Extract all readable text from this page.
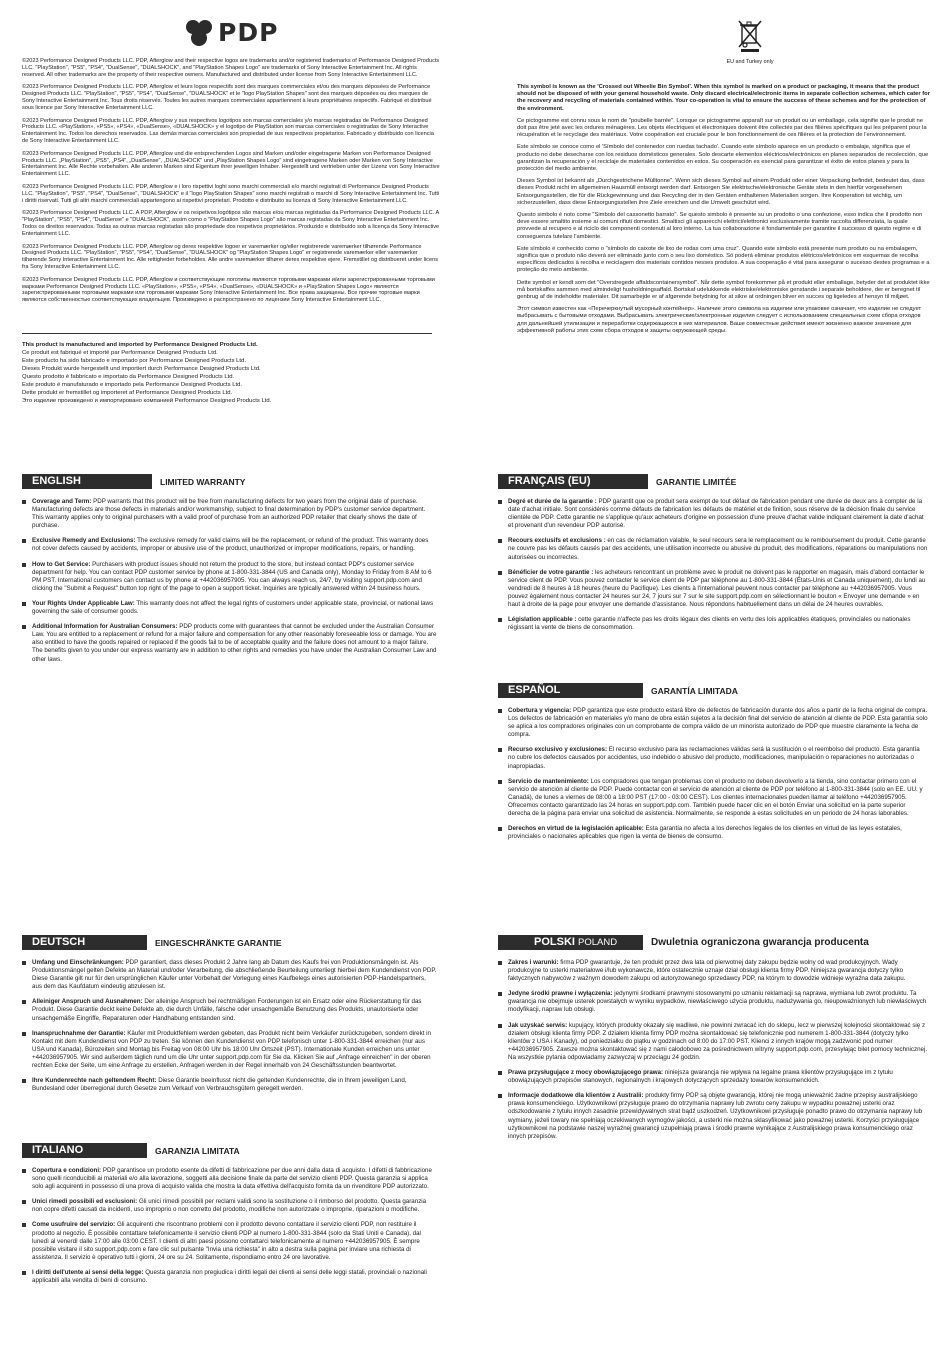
PDP

©2023 Performance Designed Products LLC. PDP, Afterglow and their respective logos are trademarks and/or registered trademarks of Performance Designed Products LLC. "PlayStation", "PS5", "PS4", "DualSense", "DUALSHOCK", and "PlayStation Shapes Logo" are trademarks of Sony Interactive Entertainment Inc. All rights reserved. All other trademarks are the property of their respective owners. Manufactured and distributed under license from Sony Interactive Entertainment LLC.

©2023 Performance Designed Products LLC. PDP, Afterglow et leurs logos respectifs sont des marques commerciales et/ou des marques déposées de Performance Designed Products LLC. "PlayStation", "PS5", "PS4", "DualSense", "DUALSHOCK" et le "logo PlayStation Shapes" sont des marques déposées ou des marques de Sony Interactive Entertainment Inc. Tous droits réservés. Toutes les autres marques commerciales appartiennent à leurs propriétaires respectifs. Fabriqué et distribué sous licence par Sony Interactive Entertainment LLC.

©2023 Performance Designed Products LLC. PDP, Afterglow y sus respectivos logotipos son marcas comerciales y/o marcas registradas de Performance Designed Products LLC. «PlayStation», «PS5», «PS4», «DualSense», «DUALSHOCK» y el logotipo de PlayStation son marcas comerciales o registradas de Sony Interactive Entertainment Inc. Todos los derechos reservados. Las demás marcas comerciales son propiedad de sus respectivos propietarios. Fabricado y distribuido con licencia de Sony Interactive Entertainment LLC.

©2023 Performance Designed Products LLC. PDP, Afterglow und die entsprechenden Logos sind Marken und/oder eingetragene Marken von Performance Designed Products LLC. „PlayStation", „PS5", „PS4", „DualSense", „DUALSHOCK" und „PlayStation Shapes Logo" sind eingetragene Marken oder Marken von Sony Interactive Entertainment Inc. Alle Rechte vorbehalten. Alle anderen Marken sind Eigentum ihrer jeweiligen Inhaber. Hergestellt und vertrieben unter der Lizenz von Sony Interactive Entertainment LLC.

©2023 Performance Designed Products LLC. PDP, Afterglow e i loro rispettivi loghi sono marchi commerciali e/o marchi registrati di Performance Designed Products LLC. "PlayStation", "PS5", "PS4", "DualSense", "DUALSHOCK" e il "logo PlayStation Shapes" sono marchi registrati o marchi di Sony Interactive Entertainment Inc. Tutti i diritti riservati. Tutti gli altri marchi commerciali appartengono ai rispettivi proprietari. Prodotto e distribuito su licenza di Sony Interactive Entertainment LLC.

©2023 Performance Designed Products LLC. A PDP, Afterglow e os respetivos logótipos são marcas e/ou marcas registadas da Performance Designed Products LLC. A "PlayStation", "PS5", "PS4", "DualSense" e "DUALSHOCK", assim como o "PlayStation Shapes Logo" são marcas registadas da Sony Interactive Entertainment Inc. Todos os direitos reservados. Todas as outras marcas registadas são propriedade dos respetivos proprietários. Produzido e distribuído sob a licença da Sony Interactive Entertainment LLC.

©2023 Performance Designed Products LLC. PDP, Afterglow og deres respektive logoer er varemærker og/eller registrerede varemærker tilhørende Performance Designed Products LLC. "PlayStation", "PS5", "PS4", "DualSense", "DUALSHOCK" og "PlayStation Shapes Logo" er registrerede varemærker eller varemærker tilhørende Sony Interactive Entertainment Inc. Alle rettigheder forbeholdes. Alle andre varemærker tilhører deres respektive ejere. Fremstillet og distribueret under licens fra Sony Interactive Entertainment LLC.

©2023 Performance Designed Products LLC. PDP, Afterglow и соответствующие логотипы являются торговыми марками и/или зарегистрированными торговыми марками Performance Designed Products LLC. «PlayStation», «PS5», «PS4», «DualSense», «DUALSHOCK» и «PlayStation Shapes Logo» являются зарегистрированными торговыми марками или торговыми марками Sony Interactive Entertainment Inc. Все права защищены. Все прочие торговые марки являются собственностью соответствующих владельцев. Произведено и распространено по лицензии Sony Interactive Entertainment LLC.

This product is manufactured and imported by Performance Designed Products Ltd.
Ce produit est fabriqué et importé par Performance Designed Products Ltd.
Este producto ha sido fabricado e importado por Performance Designed Products Ltd.
Dieses Produkt wurde hergestellt und importiert durch Performance Designed Products Ltd.
Questo prodotto è fabbricato e importato da Performance Designed Products Ltd.
Este produto é manufaturado e importado pela Performance Designed Products Ltd.
Dette produkt er fremstillet og importeret af Performance Designed Products Ltd.
Это изделие произведено и импортировано компанией Performance Designed Products Ltd.
EU and Turkey only

This symbol is known as the 'Crossed out Wheelie Bin Symbol'. When this symbol is marked on a product or packaging, it means that the product should not be disposed of with your general household waste. Only discard electrical/electronic items in separate collection schemes, which cater for the recovery and recycling of materials contained within. Your co-operation is vital to ensure the success of these schemes and for the protection of the environment.

Ce pictogramme est connu sous le nom de "poubelle barrée". Lorsque ce pictogramme apparaît sur un produit ou un emballage, cela signifie que le produit ne doit pas être jeté avec les ordures ménagères. Les objets électriques et électroniques doivent être collectés par des filières spécifiques qui les préparent pour la récupération et le recyclage des matériaux. Votre coopération est cruciale pour le bon fonctionnement de ces filières et la protection de l'environnement.

Este símbolo se conoce como el 'Símbolo del contenedor con ruedas tachado'. Cuando este símbolo aparece en un producto o embalaje, significa que el producto no debe desecharse con los residuos domésticos generales. Solo descarte elementos eléctricos/electrónicos en planes separados de recolección, que garantizan la recuperación y el reciclaje de materiales contenidos en estos. Su cooperación es esencial para garantizar el éxito de estos planes y para la protección del medio ambiente.

Dieses Symbol ist bekannt als „Durchgestrichene Mülltonne". Wenn sich dieses Symbol auf einem Produkt oder einer Verpackung befindet, bedeutet das, dass dieses Produkt nicht im allgemeinen Hausmüll entsorgt werden darf. Entsorgen Sie elektrische/elektronische Geräte stets in den hierfür vorgesehenen Entsorgungsstellen, die für die Rückgewinnung und das Recycling der in den Geräten enthaltenen Materialien sorgen. Ihre Kooperation ist wichtig, um sicherzustellen, dass diese Entsorgungsstellen ihre Ziele erreichen und die Umwelt geschützt wird.

Questo simbolo è noto come "Simbolo del cassonetto barrato". Se questo simbolo è presente su un prodotto o una confezione, esso indica che il prodotto non deve essere smaltito insieme ai comuni rifiuti domestici. Smaltisci gli apparecchi elettrici/elettronici esclusivamente tramite raccolta differenziata, la quale provvede al recupero e al riciclo dei componenti contenuti al loro interno. La tua collaborazione è fondamentale per garantire il successo di questo regime e di conseguenza tutelare l'ambiente.

Este símbolo é conhecido como o "símbolo do caixote de lixo de rodas com uma cruz". Quando este símbolo está presente num produto ou na embalagem, significa que o produto não deverá ser eliminado junto com o seu lixo doméstico. Só poderá eliminar produtos elétricos/eletrónicos em esquemas de recolha específicos dedicados à recolha e reciclagem dos materiais contidos nesses produtos. A sua cooperação é vital para assegurar o sucesso destes programas e a proteção do meio ambiente.

Dette symbol er kendt som det "Overstregede affaldscontainersymbol". Når dette symbol forekommer på et produkt eller emballage, betyder det at produktet ikke må bortskaffes sammen med almindeligt husholdningsaffald. Bortskaf udelukkende elektriske/elektroniske genstande i separate beholdere, der er beregnet til genbrug af de indeholdte materialer. Dit samarbejde er af afgørende betydning for at sikre at ordningen bliver en succes og ligeledes af hensyn til miljøet.

Этот символ известен как «Перечеркнутый мусорный контейнер». Наличие этого символа на изделии или упаковке означает, что изделие не следует выбрасывать с бытовыми отходами. Выбрасывать электрические/электронные изделия следует с использованием специальных схем сбора отходов для дальнейшей утилизации и переработки содержащихся в них материалов. Ваше совместные действия имеют жизненно важное значение для эффективной работы этих схем сбора отходов и защиты окружающей среды.

ENGLISH	LIMITED WARRANTY
Coverage and Term: PDP warrants that this product will be free from manufacturing defects for two years from the original date of purchase. Manufacturing defects are those defects in materials and/or workmanship, subject to final determination by PDP's customer service department. This warranty applies only to original purchasers with a valid proof of purchase from an authorized PDP retailer that clearly shows the date of purchase.
Exclusive Remedy and Exclusions: The exclusive remedy for valid claims will be the replacement, or refund of the product. This warranty does not cover defects caused by accidents, improper or abusive use of the product, unauthorized or improper modifications, repairs, or handling.
How to Get Service: Purchasers with product issues should not return the product to the store, but instead contact PDP's customer service department for help. You can contact PDP customer service by phone at 1-800-331-3844 (US and Canada only), Monday to Friday from 8 AM to 6 PM PST. International customers can contact us by phone at +442036957905. You can always reach us, 24/7, by visiting support.pdp.com and clicking the "Submit a Request" button top right of the page to open a support ticket. Inquiries are typically answered within 24 business hours.
Your Rights Under Applicable Law: This warranty does not affect the legal rights of customers under applicable state, provincial, or national laws governing the sale of consumer goods.
Additional Information for Australian Consumers: PDP products come with guarantees that cannot be excluded under the Australian Consumer Law. You are entitled to a replacement or refund for a major failure and compensation for any other reasonably foreseeable loss or damage. You are also entitled to have the goods repaired or replaced if the goods fail to be of acceptable quality and the failure does not amount to a major failure. The benefits given to you under our express warranty are in addition to other rights and remedies you have under the Australian Consumer Law and other laws.
FRANÇAIS (EU)	GARANTIE LIMITÉE
Degré et durée de la garantie : PDP garantit que ce produit sera exempt de tout défaut de fabrication pendant une durée de deux ans à compter de la date d'achat initiale. Sont considérés comme défauts de fabrication les défauts de matériel et de finition, sous réserve de la décision finale du service clientèle de PDP. Cette garantie ne s'applique qu'aux acheteurs d'origine en possession d'une preuve d'achat valide indiquant clairement la date d'achat et provenant d'un revendeur PDP autorisé.
Recours exclusifs et exclusions : en cas de réclamation valable, le seul recours sera le remplacement ou le remboursement du produit. Cette garantie ne couvre pas les défauts causés par des accidents, une utilisation incorrecte ou abusive du produit, des modifications, réparations ou manipulations non autorisées ou incorrectes.
Bénéficier de votre garantie : les acheteurs rencontrant un problème avec le produit ne doivent pas le rapporter en magasin, mais d'abord contacter le service client de PDP. Vous pouvez contacter le service client de PDP par téléphone au 1-800-331-3844 (États-Unis et Canada uniquement), du lundi au vendredi de 8 heures à 18 heures (heure du Pacifique). Les clients à l'international peuvent nous contacter par téléphone au +442036957905. Vous pouvez également nous contacter 24 heures sur 24, 7 jours sur 7 sur le site support.pdp.com en sélectionnant le bouton « Envoyer une demande » en haut à droite de la page pour envoyer une demande d'assistance. Nous répondons habituellement dans un délai de 24 heures ouvrables.
Législation applicable : cette garantie n'affecte pas les droits légaux des clients en vertu des lois applicables étatiques, provinciales ou nationales régissant la vente de biens de consommation.
ESPAÑOL	GARANTÍA LIMITADA
Cobertura y vigencia: PDP garantiza que este producto estará libre de defectos de fabricación durante dos años a partir de la fecha original de compra. Los defectos de fabricación en materiales y/o mano de obra están sujetos a la decisión final del servicio de atención al cliente de PDP. Esta garantía solo se aplica a los compradores originales con un comprobante de compra válido de un minorista autorizado de PDP que muestre claramente la fecha de compra.
Recurso exclusivo y exclusiones: El recurso exclusivo para las reclamaciones válidas será la sustitución o el reembolso del producto. Esta garantía no cubre los defectos causados por accidentes, uso indebido o abusivo del producto, modificaciones, manipulación o reparaciones no autorizadas o inapropiadas.
Servicio de mantenimiento: Los compradores que tengan problemas con el producto no deben devolverlo a la tienda, sino contactar primero con el servicio de atención al cliente de PDP. Puede contactar con el servicio de atención al cliente de PDP por teléfono al 1-800-331-3844 (solo en EE. UU. y Canadá), de lunes a viernes de 08:00 a 18:00 PST (17:00 - 03:00 CEST). Los clientes internacionales pueden llamar al teléfono +442036957905. Ofrecemos contacto garantizado las 24 horas en support.pdp.com. También puede hacer clic en el botón Enviar una solicitud en la parte superior derecha de la página para enviar una solicitud de asistencia. Normalmente, se responde a estas solicitudes en un periodo de 24 horas laborables.
Derechos en virtud de la legislación aplicable: Esta garantía no afecta a los derechos legales de los clientes en virtud de las leyes estatales, provinciales o nacionales aplicables que rigen la venta de bienes de consumo.
DEUTSCH	EINGESCHRÄNKTE GARANTIE
Umfang und Einschränkungen: PDP garantiert, dass dieses Produkt 2 Jahre lang ab Datum des Kaufs frei von Produktionsmängeln ist. Als Produktionsmängel gelten Defekte an Material und/oder Verarbeitung, die abschließende Beurteilung unterliegt hierbei dem Kundendienst von PDP. Diese Garantie gilt nur für den ursprünglichen Käufer unter Vorbehalt der Vorlegung eines Kaufbelegs eines autorisierten PDP-Handelspartners, aus dem das Kaufdatum eindeutig abzulesen ist.
Alleiniger Anspruch und Ausnahmen: Der alleinige Anspruch bei rechtmäßigen Forderungen ist ein Ersatz oder eine Rückerstattung für das Produkt. Diese Garantie deckt keine Defekte ab, die durch Unfälle, falsche oder unsachgemäße Benutzung des Produkts, unautorisierte oder unsachgemäße Eingriffe, Reparaturen oder Handhabung entstanden sind.
Inanspruchnahme der Garantie: Käufer mit Produktfehlern werden gebeten, das Produkt nicht beim Verkäufer zurückzugeben, sondern direkt in Kontakt mit dem Kundendienst von PDP zu treten. Sie können den Kundendienst von PDP telefonisch unter 1-800-331-3844 erreichen (nur aus USA und Kanada), Bürozeiten sind Montag bis Freitag von 08:00 Uhr bis 18:00 Uhr Ortszeit (PST). Internationale Kunden erreichen uns unter +442036957905. Wir sind außerdem täglich rund um die Uhr unter support.pdp.com für Sie da. Klicken Sie auf „Anfrage einreichen" in der oberen rechten Ecke der Seite, um eine Anfrage zu erstellen. Anfragen werden in der Regel innerhalb von 24 Geschäftsstunden beantwortet.
Ihre Kundenrechte nach geltendem Recht: Diese Garantie beeinflusst nicht die geltenden Kundenrechte, die in Ihrem jeweiligen Land, Bundesland oder überregional durch Gesetze zum Verkauf von Verbrauchsgütern geregelt werden.
ITALIANO	GARANZIA LIMITATA
Copertura e condizioni: PDP garantisce un prodotto esente da difetti di fabbricazione per due anni dalla data di acquisto. I difetti di fabbricazione sono quelli riconducibili ai materiali e/o alla lavorazione, soggetti alla decisione finale da parte del servizio clienti PDP. Questa garanzia si applica solo agli acquirenti in possesso di una prova di acquisto valida che mostra la data effettiva dell'acquisto fornita da un rivenditore PDP autorizzato.
Unici rimedi possibili ed esclusioni: Gli unici rimedi possibili per reclami validi sono la sostituzione o il rimborso del prodotto. Questa garanzia non copre difetti causati da incidenti, uso improprio o non corretto del prodotto, modifiche non autorizzate o improprie, riparazioni o modifiche.
Come usufruire del servizio: Gli acquirenti che riscontrano problemi con il prodotto devono contattare il servizio clienti PDP, non restituire il prodotto al negozio. È possibile contattare telefonicamente il servizio clienti PDP al numero 1-800-331-3844 (solo da Stati Uniti e Canada), dal lunedì al venerdì dalle 17:00 alle 03:00 CEST. I clienti di altri paesi possono contattarci telefonicamente al numero +442036957905. È sempre possibile visitare il sito support.pdp.com e fare clic sul pulsante "Invia una richiesta" in alto a destra sulla pagina per inviare una richiesta di assistenza. Il servizio è operativo tutti i giorni, 24 ore su 24. Solitamente, rispondiamo entro 24 ore lavorative.
I diritti dell'utente ai sensi della legge: Questa garanzia non pregiudica i diritti legali dei clienti ai sensi delle leggi statali, provinciali o nazionali applicabili alla vendita di beni di consumo.
POLSKI POLAND	Dwuletnia ograniczona gwarancja producenta
Zakres i warunki: firma PDP gwarantuje, że ten produkt przez dwa lata od pierwotnej daty zakupu będzie wolny od wad produkcyjnych. Wady produkcyjne to usterki materiałowe i/lub wykonawcze, które ostatecznie uznaje dział obsługi klienta firmy PDP. Niniejsza gwarancja dotyczy tylko faktycznych nabywców z ważnym dowodem zakupu od autoryzowanego sprzedawcy PDP, na którym to dowodzie widnieje wyraźna data zakupu.
Jedyne środki prawne i wyłączenia: jedynymi środkami prawnymi stosowanymi po uznaniu reklamacji są naprawa, wymiana lub zwrot produktu. Ta gwarancja nie obejmuje usterek powstałych w wyniku wypadków, niewłaściwego użycia produktu, nadużywania go, nieupoważnionych lub niewłaściwych modyfikacji, napraw lub obsługi.
Jak uzyskać serwis: kupujący, których produkty okazały się wadliwe, nie powinni zwracać ich do sklepu, lecz w pierwszej kolejności skontaktować się z działem obsługi klienta firmy PDP. Z działem klienta firmy PDP można skontaktować się telefonicznie pod numerem 1-800-331-3844 (dotyczy tylko klientów z USA i Kanady), od poniedziałku do piątku w godzinach od 8:00 do 17:00 PST. Klienci z innych krajów mogą zadzwonić pod numer +442036957905. Zawsze można skontaktować się z nami całodobowo za pośrednictwem witryny support.pdp.com, przesyłając bilet pomocy technicznej. Na wszystkie pytania odpowiadamy zazwyczaj w przeciągu 24 godzin.
Prawa przysługujące z mocy obowiązującego prawa: niniejsza gwarancja nie wpływa na legalne prawa klientów przysługujące im z tytułu obowiązujących przepisów stanowych, regionalnych i krajowych dotyczących sprzedaży towarów konsumenckich.
Informacje dodatkowe dla klientów z Australii: produkty firmy PDP są objęte gwarancją, której nie mogą unieważnić żadne przepisy australijskiego prawa konsumenckiego. Użytkownikowi przysługuje prawo do otrzymania naprawy lub zwrotu ceny zakupu w wypadku poważnej usterki oraz odszkodowanie z tytułu innych zasadnie przewidywalnych strat bądź uszkodzeń. Użytkownikowi przysługuje ponadto prawo do otrzymania naprawy lub wymiany, jeżeli towary nie spełniają oczekiwanych wymogów jakości, a usterki nie można sklasyfikować jako poważnej usterki. Korzyści przysługujące użytkownikowi na podstawie naszej wyraźnej gwarancji uzupełniają prawa i środki prawne wynikające z Australijskiego prawa konsumenckiego oraz innych przepisów.
